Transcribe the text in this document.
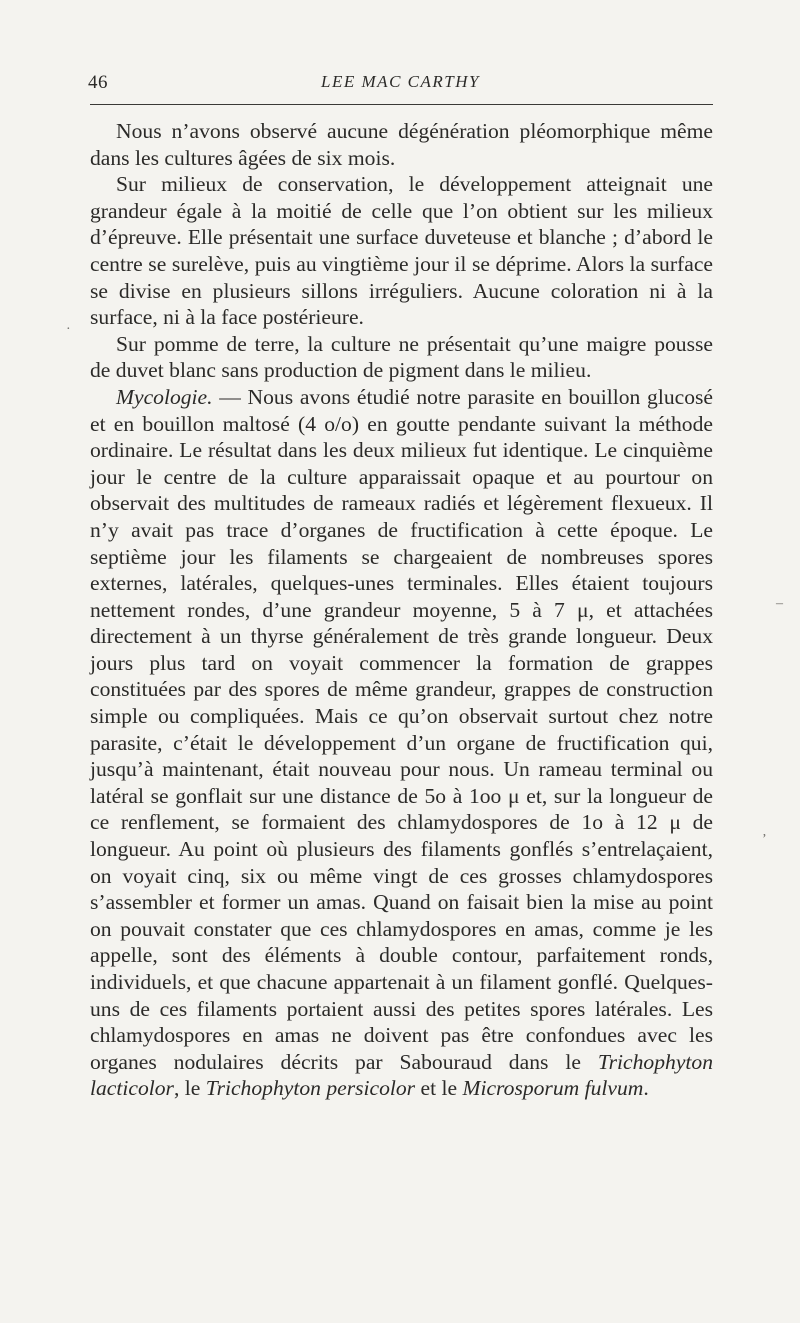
46	LEE MAC CARTHY

Nous n’avons observé aucune dégénération pléomorphique même dans les cultures âgées de six mois.

Sur milieux de conservation, le développement atteignait une grandeur égale à la moitié de celle que l’on obtient sur les milieux d’épreuve. Elle présentait une surface duveteuse et blanche ; d’abord le centre se surelève, puis au vingtième jour il se déprime. Alors la surface se divise en plusieurs sillons irréguliers. Aucune coloration ni à la surface, ni à la face postérieure.

Sur pomme de terre, la culture ne présentait qu’une maigre pousse de duvet blanc sans production de pigment dans le milieu.

Mycologie. — Nous avons étudié notre parasite en bouillon glucosé et en bouillon maltosé (4 o/o) en goutte pendante suivant la méthode ordinaire. Le résultat dans les deux milieux fut identique. Le cinquième jour le centre de la culture apparaissait opaque et au pourtour on observait des multitudes de rameaux radiés et légèrement flexueux. Il n’y avait pas trace d’organes de fructification à cette époque. Le septième jour les filaments se chargeaient de nombreuses spores externes, latérales, quelques-unes terminales. Elles étaient toujours nettement rondes, d’une grandeur moyenne, 5 à 7 μ, et attachées directement à un thyrse généralement de très grande longueur. Deux jours plus tard on voyait commencer la formation de grappes constituées par des spores de même grandeur, grappes de construction simple ou compliquées. Mais ce qu’on observait surtout chez notre parasite, c’était le développement d’un organe de fructification qui, jusqu’à maintenant, était nouveau pour nous. Un rameau terminal ou latéral se gonflait sur une distance de 5o à 1oo μ et, sur la longueur de ce renflement, se formaient des chlamydospores de 1o à 12 μ de longueur. Au point où plusieurs des filaments gonflés s’entrelaçaient, on voyait cinq, six ou même vingt de ces grosses chlamydospores s’assembler et former un amas. Quand on faisait bien la mise au point on pouvait constater que ces chlamydospores en amas, comme je les appelle, sont des éléments à double contour, parfaitement ronds, individuels, et que chacune appartenait à un filament gonflé. Quelques-uns de ces filaments portaient aussi des petites spores latérales. Les chlamydospores en amas ne doivent pas être confondues avec les organes nodulaires décrits par Sabouraud dans le Trichophyton lacticolor, le Trichophyton persicolor et le Microsporum fulvum.

·
–
ʼ
